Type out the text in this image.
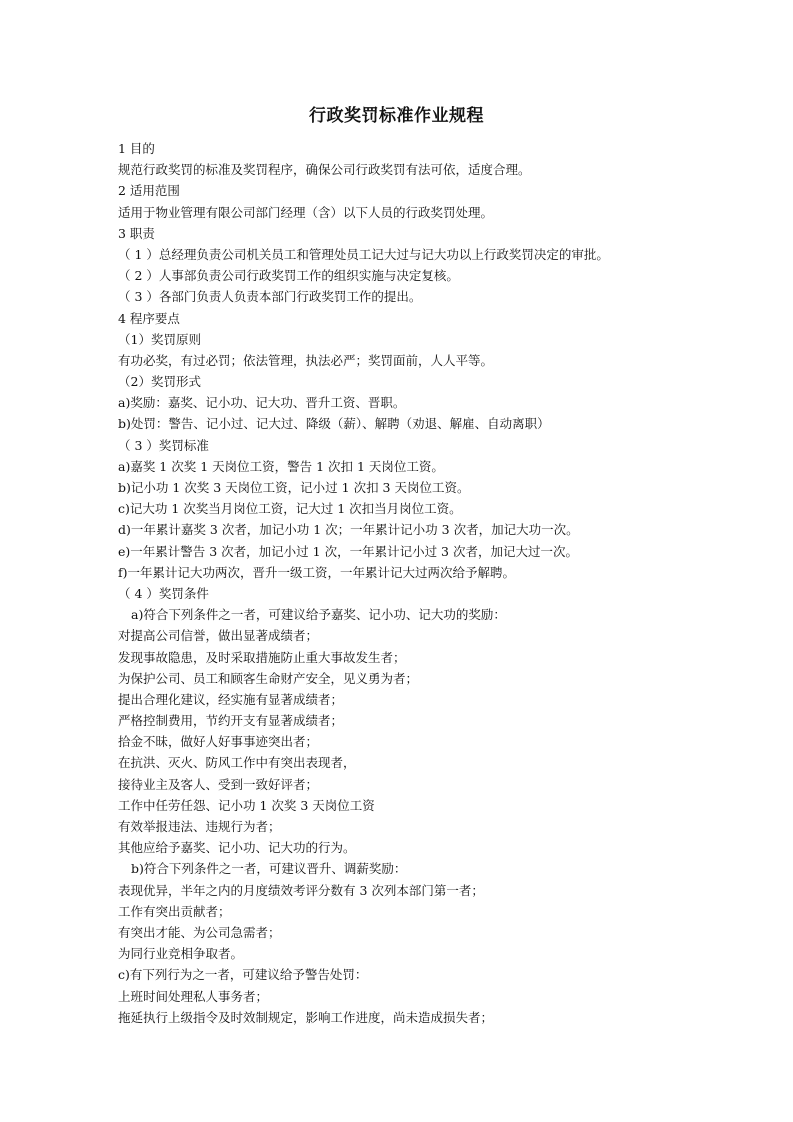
行政奖罚标准作业规程
1 目的
规范行政奖罚的标准及奖罚程序，确保公司行政奖罚有法可依，适度合理。
2 适用范围
适用于物业管理有限公司部门经理（含）以下人员的行政奖罚处理。
3 职责
（ 1 ）总经理负责公司机关员工和管理处员工记大过与记大功以上行政奖罚决定的审批。
（ 2 ）人事部负责公司行政奖罚工作的组织实施与决定复核。
（ 3 ）各部门负责人负责本部门行政奖罚工作的提出。
4 程序要点
（1）奖罚原则
有功必奖，有过必罚；依法管理，执法必严；奖罚面前，人人平等。
（2）奖罚形式
a)奖励：嘉奖、记小功、记大功、晋升工资、晋职。
b)处罚：警告、记小过、记大过、降级（薪）、解聘（劝退、解雇、自动离职）
（ 3 ）奖罚标准
a)嘉奖 1 次奖 1 天岗位工资，警告 1 次扣 1 天岗位工资。
b)记小功 1 次奖 3 天岗位工资，记小过 1 次扣 3 天岗位工资。
c)记大功 1 次奖当月岗位工资，记大过 1 次扣当月岗位工资。
d)一年累计嘉奖 3 次者，加记小功 1 次；一年累计记小功 3 次者，加记大功一次。
e)一年累计警告 3 次者，加记小过 1 次，一年累计记小过 3 次者，加记大过一次。
f)一年累计记大功两次，晋升一级工资，一年累计记大过两次给予解聘。
（ 4 ）奖罚条件
a)符合下列条件之一者，可建议给予嘉奖、记小功、记大功的奖励：
对提高公司信誉，做出显著成绩者；
发现事故隐患，及时采取措施防止重大事故发生者；
为保护公司、员工和顾客生命财产安全，见义勇为者；
提出合理化建议，经实施有显著成绩者；
严格控制费用，节约开支有显著成绩者；
拾金不昧，做好人好事事迹突出者；
在抗洪、灭火、防风工作中有突出表现者，
接待业主及客人、受到一致好评者；
工作中任劳任怨、记小功 1 次奖 3 天岗位工资
有效举报违法、违规行为者；
其他应给予嘉奖、记小功、记大功的行为。
b)符合下列条件之一者，可建议晋升、调薪奖励：
表现优异，半年之内的月度绩效考评分数有 3 次列本部门第一者；
工作有突出贡献者；
有突出才能、为公司急需者；
为同行业竞相争取者。
c)有下列行为之一者，可建议给予警告处罚：
上班时间处理私人事务者；
拖延执行上级指令及时效制规定，影响工作进度，尚未造成损失者；
